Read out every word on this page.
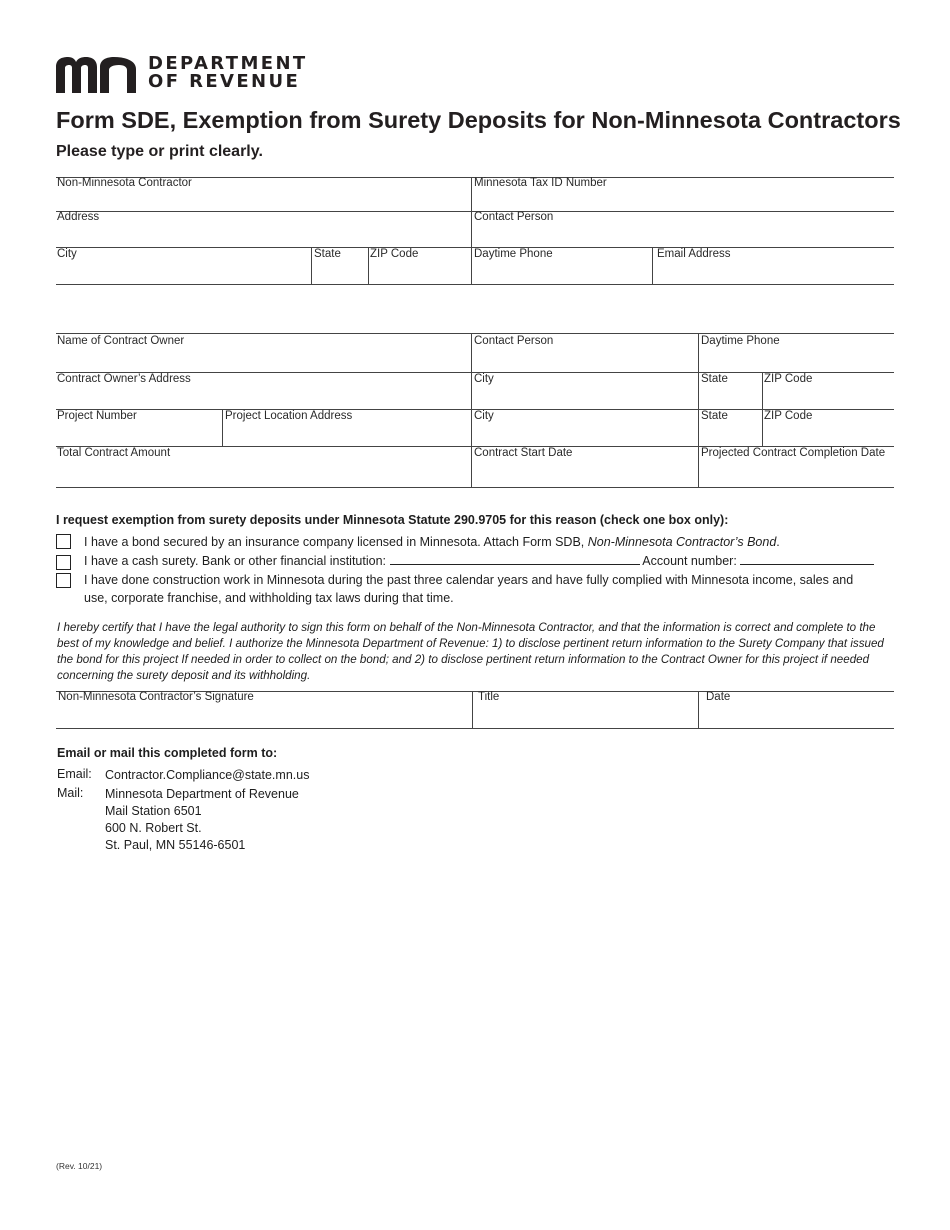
DEPARTMENT
OF REVENUE
Form SDE, Exemption from Surety Deposits for Non-Minnesota Contractors
Please type or print clearly.
Non-Minnesota Contractor	Minnesota Tax ID Number
Address	Contact Person
City	State	ZIP Code	Daytime Phone	Email Address
Name of Contract Owner	Contact Person	Daytime Phone
Contract Owner’s Address	City	State	ZIP Code
Project Number	Project Location Address	City	State	ZIP Code
Total Contract Amount	Contract Start Date	Projected Contract Completion Date
I request exemption from surety deposits under Minnesota Statute 290.9705 for this reason (check one box only):
I have a bond secured by an insurance company licensed in Minnesota. Attach Form SDB, Non-Minnesota Contractor’s Bond.
I have a cash surety. Bank or other financial institution:	Account number:
I have done construction work in Minnesota during the past three calendar years and have fully complied with Minnesota income, sales and
use, corporate franchise, and withholding tax laws during that time.
I hereby certify that I have the legal authority to sign this form on behalf of the Non-Minnesota Contractor, and that the information is correct and complete to the best of my knowledge and belief. I authorize the Minnesota Department of Revenue: 1) to disclose pertinent return information to the Surety Company that issued the bond for this project If needed in order to collect on the bond; and 2) to disclose pertinent return information to the Contract Owner for this project if needed concerning the surety deposit and its withholding.
Non-Minnesota Contractor’s Signature	Title	Date
Email or mail this completed form to:
Email: Contractor.Compliance@state.mn.us
Mail: Minnesota Department of Revenue
Mail Station 6501
600 N. Robert St.
St. Paul, MN 55146-6501
(Rev. 10/21)
